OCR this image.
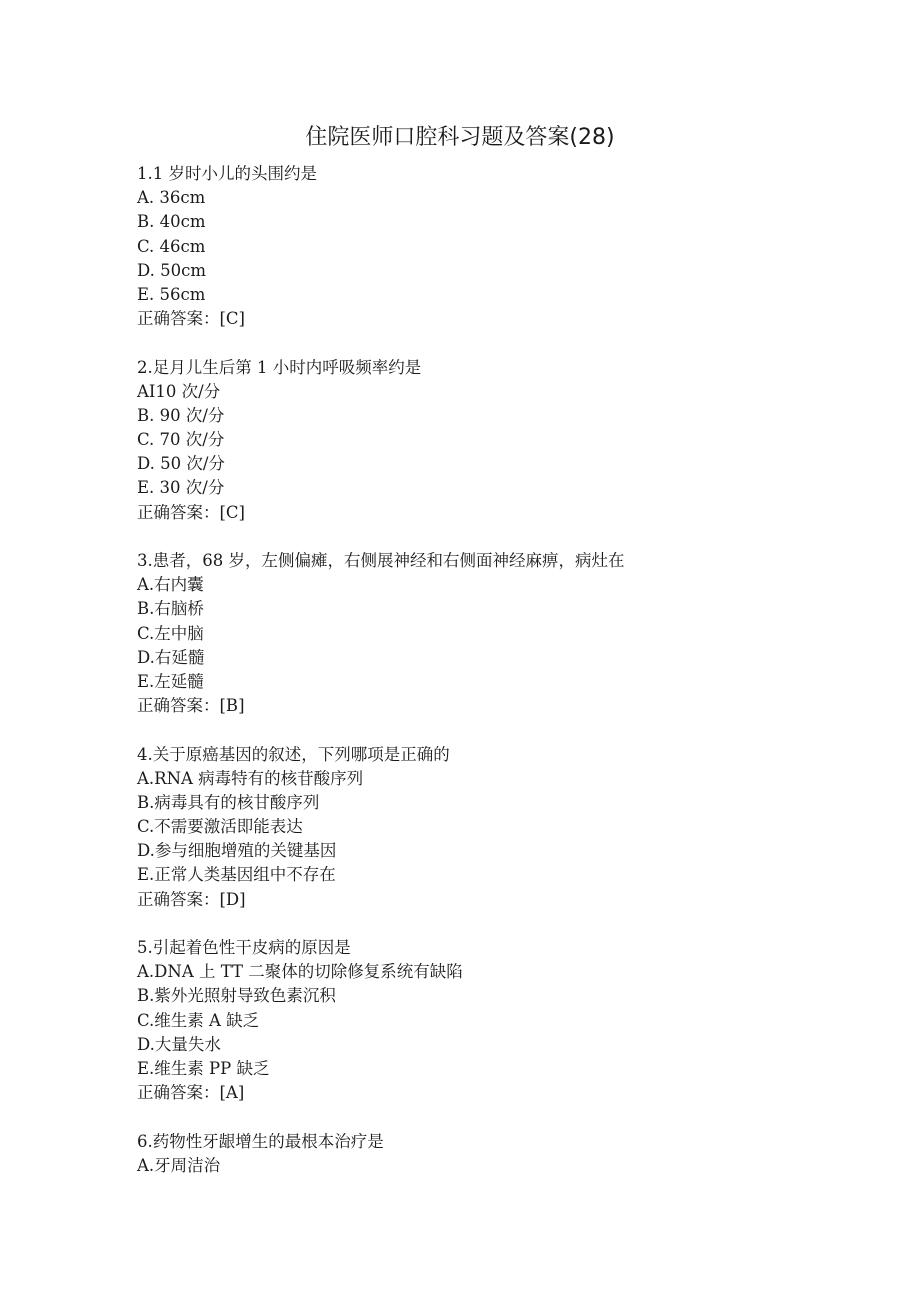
住院医师口腔科习题及答案(28)
1.1 岁时小儿的头围约是
A. 36cm
B. 40cm
C. 46cm
D. 50cm
E. 56cm
正确答案：[C]
2.足月儿生后第 1 小时内呼吸频率约是
AI10 次/分
B. 90 次/分
C. 70 次/分
D. 50 次/分
E. 30 次/分
正确答案：[C]
3.患者，68 岁，左侧偏瘫，右侧展神经和右侧面神经麻痹，病灶在
A.右内囊
B.右脑桥
C.左中脑
D.右延髓
E.左延髓
正确答案：[B]
4.关于原癌基因的叙述，下列哪项是正确的
A.RNA 病毒特有的核苷酸序列
B.病毒具有的核甘酸序列
C.不需要激活即能表达
D.参与细胞增殖的关键基因
E.正常人类基因组中不存在
正确答案：[D]
5.引起着色性干皮病的原因是
A.DNA 上 TT 二聚体的切除修复系统有缺陷
B.紫外光照射导致色素沉积
C.维生素 A 缺乏
D.大量失水
E.维生素 PP 缺乏
正确答案：[A]
6.药物性牙龈增生的最根本治疗是
A.牙周洁治
